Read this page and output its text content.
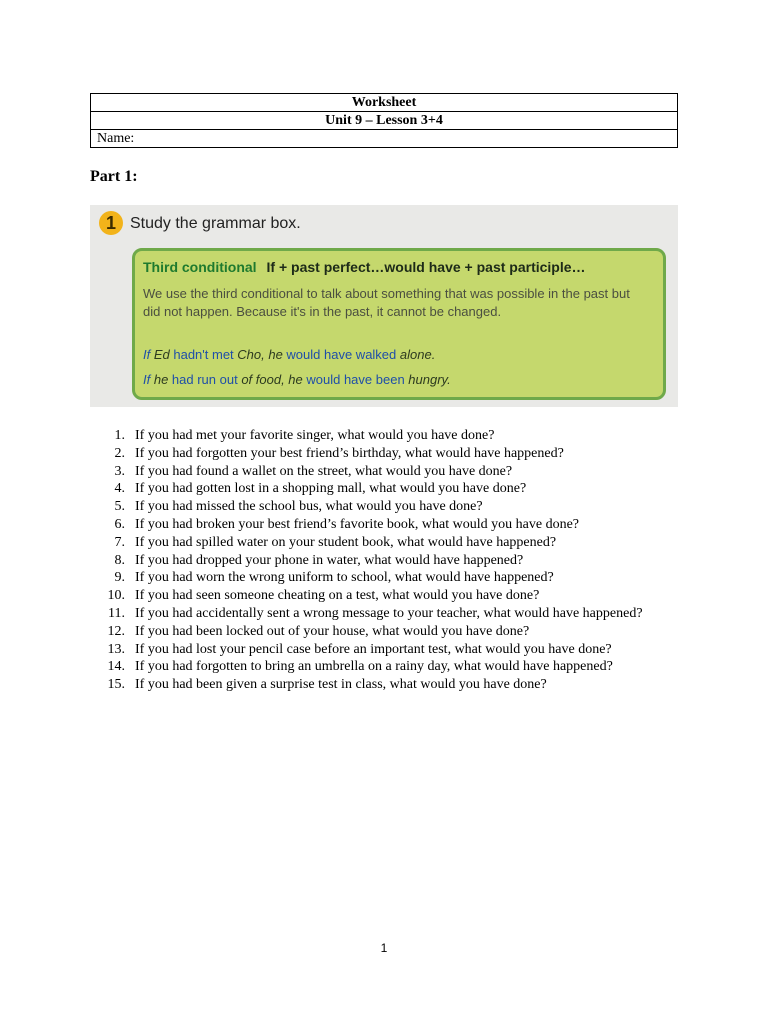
Worksheet
Unit 9 – Lesson 3+4
Name:
Part 1:
1 Study the grammar box.
Third conditional If + past perfect…would have + past participle…
We use the third conditional to talk about something that was possible in the past but did not happen. Because it's in the past, it cannot be changed.
If Ed hadn't met Cho, he would have walked alone.
If he had run out of food, he would have been hungry.
1. If you had met your favorite singer, what would you have done?
2. If you had forgotten your best friend’s birthday, what would have happened?
3. If you had found a wallet on the street, what would you have done?
4. If you had gotten lost in a shopping mall, what would you have done?
5. If you had missed the school bus, what would you have done?
6. If you had broken your best friend’s favorite book, what would you have done?
7. If you had spilled water on your student book, what would have happened?
8. If you had dropped your phone in water, what would have happened?
9. If you had worn the wrong uniform to school, what would have happened?
10. If you had seen someone cheating on a test, what would you have done?
11. If you had accidentally sent a wrong message to your teacher, what would have happened?
12. If you had been locked out of your house, what would you have done?
13. If you had lost your pencil case before an important test, what would you have done?
14. If you had forgotten to bring an umbrella on a rainy day, what would have happened?
15. If you had been given a surprise test in class, what would you have done?
1
